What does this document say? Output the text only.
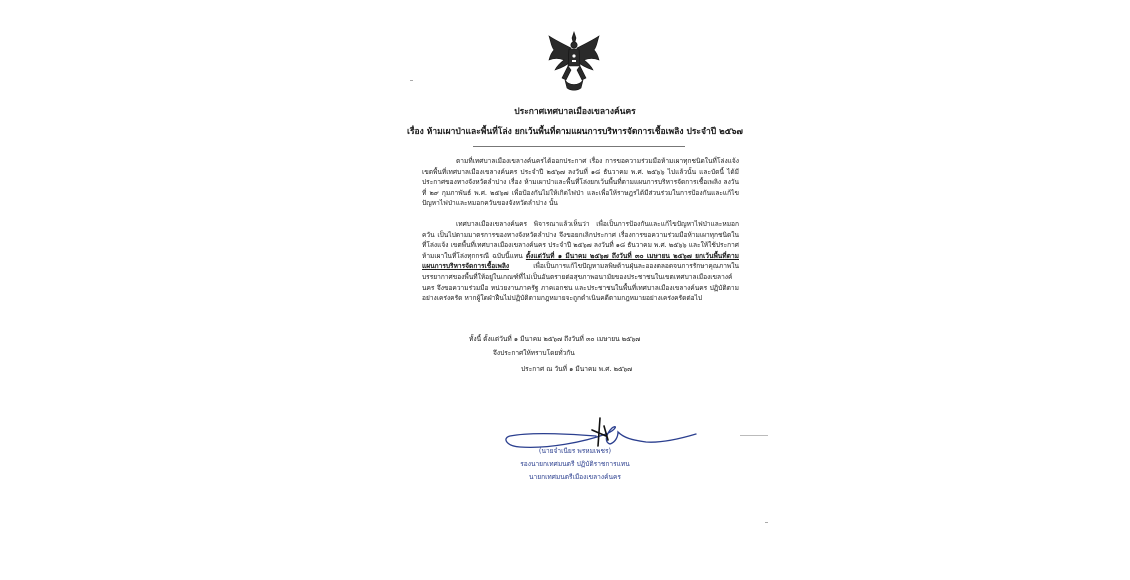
ประกาศเทศบาลเมืองเขลางค์นคร
เรื่อง ห้ามเผาป่าและพื้นที่โล่ง ยกเว้นพื้นที่ตามแผนการบริหารจัดการเชื้อเพลิง ประจำปี ๒๕๖๗

ตามที่เทศบาลเมืองเขลางค์นครได้ออกประกาศ เรื่อง การขอความร่วมมือห้ามเผาทุกชนิดในที่โล่งแจ้ง เขตพื้นที่เทศบาลเมืองเขลางค์นคร ประจำปี ๒๕๖๗ ลงวันที่ ๑๘ ธันวาคม พ.ศ. ๒๕๖๖ ไปแล้วนั้น และบัดนี้ ได้มีประกาศของทางจังหวัดลำปาง เรื่อง ห้ามเผาป่าและพื้นที่โล่งยกเว้นพื้นที่ตามแผนการบริหารจัดการเชื้อเพลิง ลงวันที่ ๒๙ กุมภาพันธ์ พ.ศ. ๒๕๖๗ เพื่อป้องกันไม่ให้เกิดไฟป่า และเพื่อให้ราษฎรได้มีส่วนร่วมในการป้องกันและแก้ไขปัญหาไฟป่าและหมอกควันของจังหวัดลำปาง นั้น

เทศบาลเมืองเขลางค์นคร พิจารณาแล้วเห็นว่า เพื่อเป็นการป้องกันและแก้ไขปัญหาไฟป่าและหมอกควัน เป็นไปตามมาตรการของทางจังหวัดลำปาง จึงขอยกเลิกประกาศ เรื่องการขอความร่วมมือห้ามเผาทุกชนิดในที่โล่งแจ้ง เขตพื้นที่เทศบาลเมืองเขลางค์นคร ประจำปี ๒๕๖๗ ลงวันที่ ๑๘ ธันวาคม พ.ศ. ๒๕๖๖ และให้ใช้ประกาศห้ามเผาในที่โล่งทุกกรณี ฉบับนี้แทน ตั้งแต่วันที่ ๑ มีนาคม ๒๕๖๗ ถึงวันที่ ๓๐ เมษายน ๒๕๖๗ ยกเว้นพื้นที่ตามแผนการบริหารจัดการเชื้อเพลิง	เพื่อเป็นการแก้ไขปัญหามลพิษด้านฝุ่นละอองตลอดจนการรักษาคุณภาพในบรรยากาศของพื้นที่ให้อยู่ในเกณฑ์ที่ไม่เป็นอันตรายต่อสุขภาพอนามัยของประชาชนในเขตเทศบาลเมืองเขลางค์นคร จึงขอความร่วมมือ หน่วยงานภาครัฐ ภาคเอกชน และประชาชนในพื้นที่เทศบาลเมืองเขลางค์นคร ปฏิบัติตามอย่างเคร่งครัด หากผู้ใดฝ่าฝืนไม่ปฏิบัติตามกฎหมายจะถูกดำเนินคดีตามกฎหมายอย่างเคร่งครัดต่อไป

ทั้งนี้ ตั้งแต่วันที่ ๑ มีนาคม ๒๕๖๗ ถึงวันที่ ๓๐ เมษายน ๒๕๖๗
จึงประกาศให้ทราบโดยทั่วกัน
ประกาศ ณ วันที่ ๑ มีนาคม พ.ศ. ๒๕๖๗
(นายจำเนียร พรหมเพชร)
รองนายกเทศมนตรี ปฏิบัติราชการแทน
นายกเทศมนตรีเมืองเขลางค์นคร
